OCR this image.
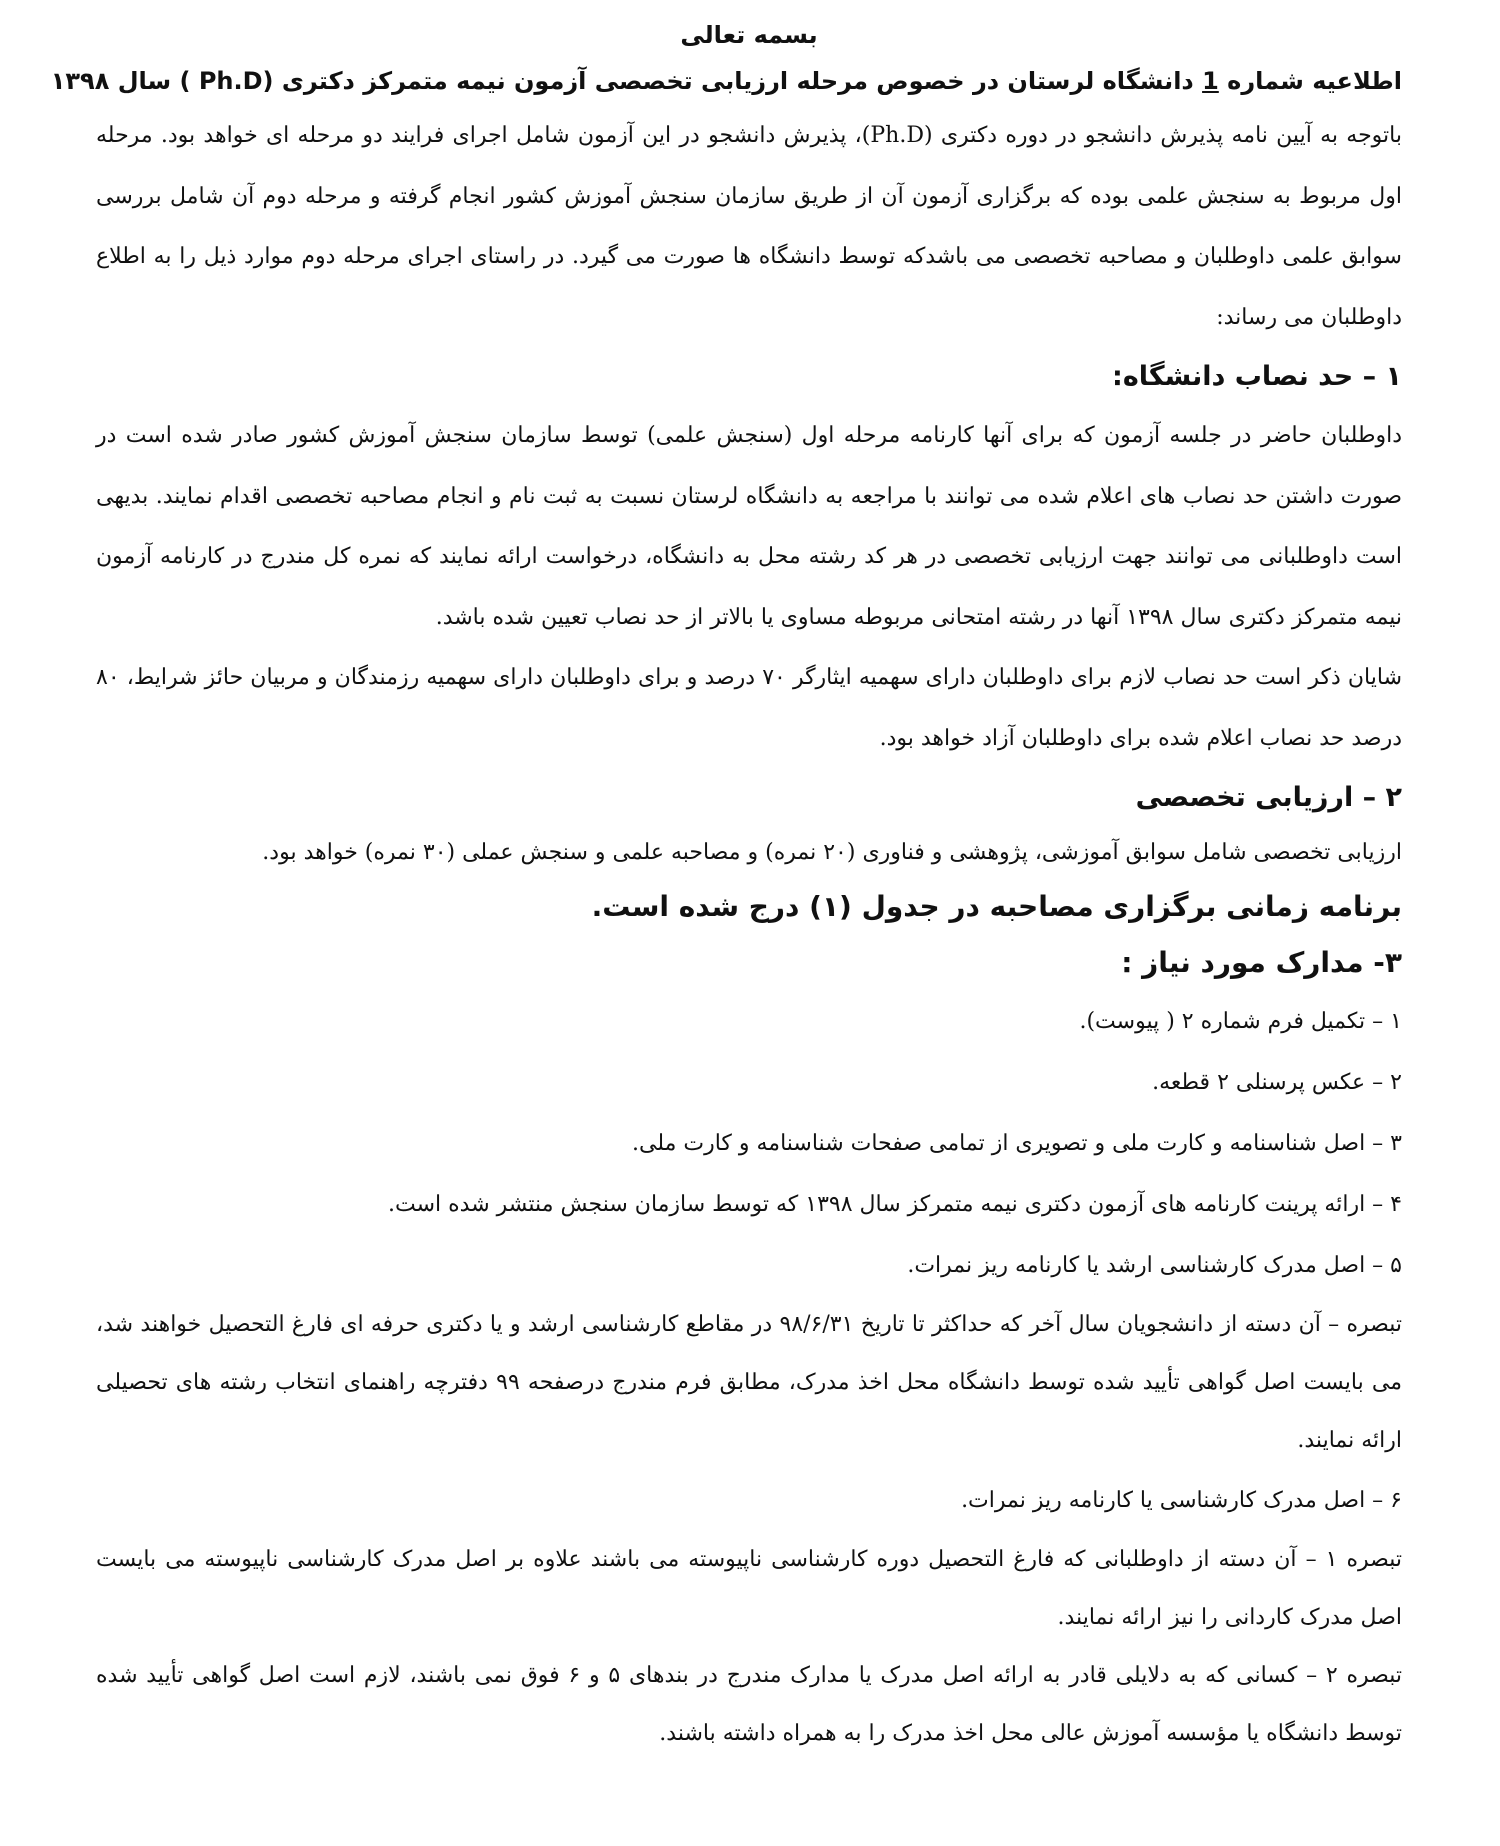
بسمه تعالی
اطلاعیه شماره 1 دانشگاه لرستان در خصوص مرحله ارزیابی تخصصی آزمون نیمه متمرکز دکتری (Ph.D ) سال ۱۳۹۸

باتوجه به آیین نامه پذیرش دانشجو در دوره دکتری (Ph.D)، پذیرش دانشجو در این آزمون شامل اجرای فرایند دو مرحله ای خواهد بود. مرحله اول مربوط به سنجش علمی بوده که برگزاری آزمون آن از طریق سازمان سنجش آموزش کشور انجام گرفته و مرحله دوم آن شامل بررسی سوابق علمی داوطلبان و مصاحبه تخصصی می باشدکه توسط دانشگاه ها صورت می گیرد. در راستای اجرای مرحله دوم موارد ذیل را به اطلاع داوطلبان می رساند:

۱ – حد نصاب دانشگاه:

داوطلبان حاضر در جلسه آزمون که برای آنها کارنامه مرحله اول (سنجش علمی) توسط سازمان سنجش آموزش کشور صادر شده است در صورت داشتن حد نصاب های اعلام شده می توانند با مراجعه به دانشگاه لرستان نسبت به ثبت نام و انجام مصاحبه تخصصی اقدام نمایند. بدیهی است داوطلبانی می توانند جهت ارزیابی تخصصی در هر کد رشته محل به دانشگاه، درخواست ارائه نمایند که نمره کل مندرج در کارنامه آزمون نیمه متمرکز دکتری سال ۱۳۹۸ آنها در رشته امتحانی مربوطه مساوی یا بالاتر از حد نصاب تعیین شده باشد.

شایان ذکر است حد نصاب لازم برای داوطلبان دارای سهمیه ایثارگر ۷۰ درصد و برای داوطلبان دارای سهمیه رزمندگان و مربیان حائز شرایط، ۸۰ درصد حد نصاب اعلام شده برای داوطلبان آزاد خواهد بود.

۲ – ارزیابی تخصصی

ارزیابی تخصصی شامل سوابق آموزشی، پژوهشی و فناوری (۲۰ نمره) و مصاحبه علمی و سنجش عملی (۳۰ نمره) خواهد بود.

برنامه زمانی برگزاری مصاحبه در جدول (۱) درج شده است.
۳- مدارک مورد نیاز :

۱ – تکمیل فرم شماره ۲ ( پیوست).

۲ – عکس پرسنلی ۲ قطعه.

۳ – اصل شناسنامه و کارت ملی و تصویری از تمامی صفحات شناسنامه و کارت ملی.

۴ – ارائه پرینت کارنامه های آزمون دکتری نیمه متمرکز سال ۱۳۹۸ که توسط سازمان سنجش منتشر شده است.

۵ – اصل مدرک کارشناسی ارشد یا کارنامه ریز نمرات.

تبصره – آن دسته از دانشجویان سال آخر که حداکثر تا تاریخ ۹۸/۶/۳۱ در مقاطع کارشناسی ارشد و یا دکتری حرفه ای فارغ التحصیل خواهند شد، می بایست اصل گواهی تأیید شده توسط دانشگاه محل اخذ مدرک، مطابق فرم مندرج درصفحه ۹۹ دفترچه راهنمای انتخاب رشته های تحصیلی ارائه نمایند.

۶ – اصل مدرک کارشناسی یا کارنامه ریز نمرات.

تبصره ۱ – آن دسته از داوطلبانی که فارغ التحصیل دوره کارشناسی ناپیوسته می باشند علاوه بر اصل مدرک کارشناسی ناپیوسته می بایست اصل مدرک کاردانی را نیز ارائه نمایند.

تبصره ۲ – کسانی که به دلایلی قادر به ارائه اصل مدرک یا مدارک مندرج در بندهای ۵ و ۶ فوق نمی باشند، لازم است اصل گواهی تأیید شده توسط دانشگاه یا مؤسسه آموزش عالی محل اخذ مدرک را به همراه داشته باشند.
